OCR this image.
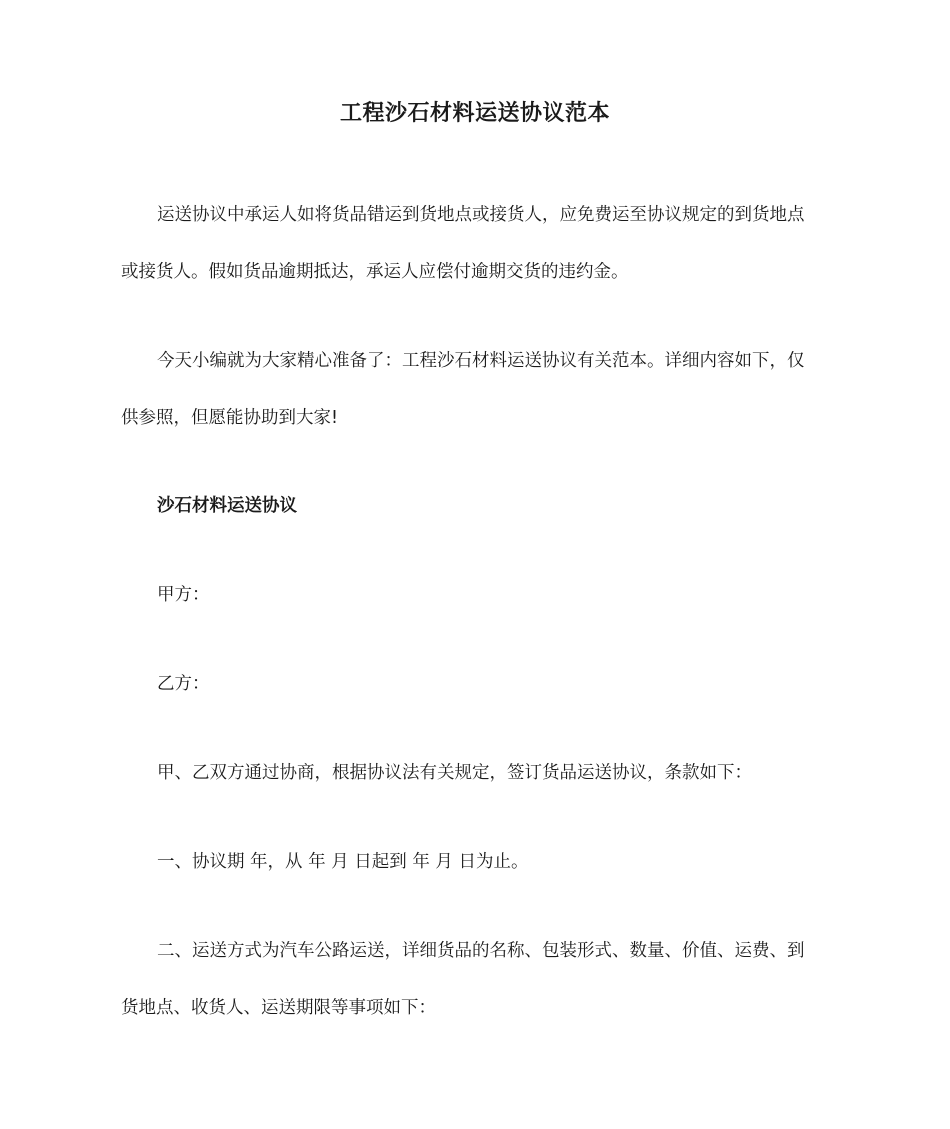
工程沙石材料运送协议范本

运送协议中承运人如将货品错运到货地点或接货人，应免费运至协议规定的到货地点
或接货人。假如货品逾期抵达，承运人应偿付逾期交货的违约金。

今天小编就为大家精心准备了：工程沙石材料运送协议有关范本。详细内容如下，仅
供参照，但愿能协助到大家!

沙石材料运送协议

甲方：

乙方：

甲、乙双方通过协商，根据协议法有关规定，签订货品运送协议，条款如下：

一、协议期 年，从 年 月 日起到 年 月 日为止。

二、运送方式为汽车公路运送，详细货品的名称、包装形式、数量、价值、运费、到
货地点、收货人、运送期限等事项如下：
